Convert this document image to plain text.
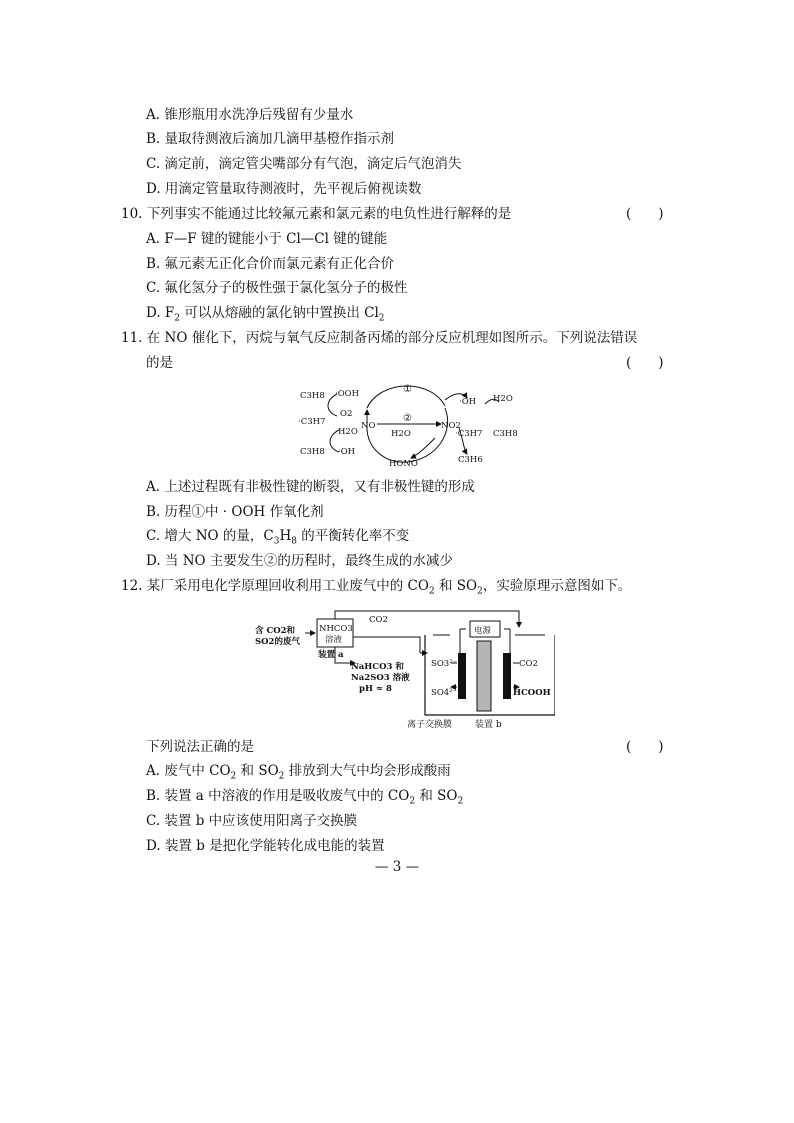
A. 锥形瓶用水洗净后残留有少量水
B. 量取待测液后滴加几滴甲基橙作指示剂
C. 滴定前，滴定管尖嘴部分有气泡，滴定后气泡消失
D. 用滴定管量取待测液时，先平视后俯视读数
10. 下列事实不能通过比较氟元素和氯元素的电负性进行解释的是	(　　)
A. F—F 键的键能小于 Cl—Cl 键的键能
B. 氟元素无正化合价而氯元素有正化合价
C. 氟化氢分子的极性强于氯化氢分子的极性
D. $F_2$ 可以从熔融的氯化钠中置换出 $Cl_2$
11. 在 NO 催化下，丙烷与氧气反应制备丙烯的部分反应机理如图所示。下列说法错误
的是	(　　)
C3H8 ·OOH
O2
·C3H7
H2O
C3H8 ·OH
①
②
NO
H2O
NO2
HONO
·OH H2O
·C3H7 C3H8
C3H6
A. 上述过程既有非极性键的断裂，又有非极性键的形成
B. 历程①中 · OOH 作氧化剂
C. 增大 NO 的量，$C_3H_8$ 的平衡转化率不变
D. 当 NO 主要发生②的历程时，最终生成的水减少
12. 某厂采用电化学原理回收利用工业废气中的 $CO_2$ 和 $SO_2$，实验原理示意图如下。
含 CO2和
SO2的废气
NHCO3
溶液
装置 a
CO2
电源
NaHCO3 和
Na2SO3 溶液
pH ≈ 8
SO3²⁻
SO4²⁻
CO2
HCOOH
离子交换膜	装置 b
下列说法正确的是	(　　)
A. 废气中 $CO_2$ 和 $SO_2$ 排放到大气中均会形成酸雨
B. 装置 a 中溶液的作用是吸收废气中的 $CO_2$ 和 $SO_2$
C. 装置 b 中应该使用阳离子交换膜
D. 装置 b 是把化学能转化成电能的装置
— 3 —
